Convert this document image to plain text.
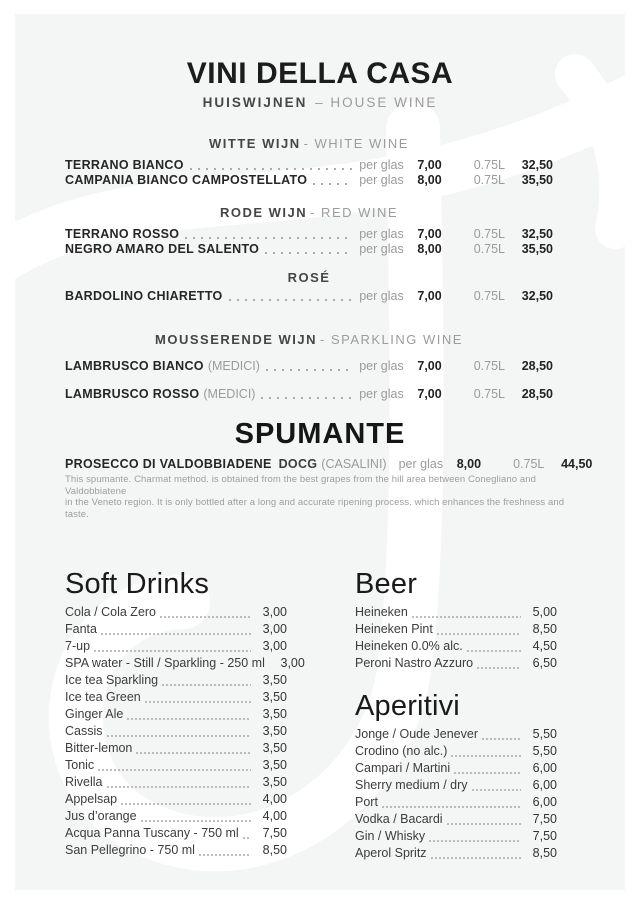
VINI DELLA CASA
HUISWIJNEN – HOUSE WINE
WITTE WIJN - WHITE WINE
TERRANO BIANCO	per glas	7,00	0.75L	32,50
CAMPANIA BIANCO CAMPOSTELLATO	per glas	8,00	0.75L	35,50
RODE WIJN - RED WINE
TERRANO ROSSO	per glas	7,00	0.75L	32,50
NEGRO AMARO DEL SALENTO	per glas	8,00	0.75L	35,50
ROSÉ
BARDOLINO CHIARETTO	per glas	7,00	0.75L	32,50
MOUSSERENDE WIJN - SPARKLING WINE
LAMBRUSCO BIANCO (MEDICI)	per glas	7,00	0.75L	28,50
LAMBRUSCO ROSSO (MEDICI)	per glas	7,00	0.75L	28,50
SPUMANTE
PROSECCO DI VALDOBBIADENE DOCG (CASALINI) per glas	8,00	0.75L	44,50
This spumante. Charmat method. is obtained from the best grapes from the hill area between Conegliano and Valdobbiatene
in the Veneto region. It is only bottled after a long and accurate ripening process. which enhances the freshness and taste.
Soft Drinks
Cola / Cola Zero	3,00
Fanta	3,00
7-up	3,00
SPA water - Still / Sparkling - 250 ml	3,00
Ice tea Sparkling	3,50
Ice tea Green	3,50
Ginger Ale	3,50
Cassis	3,50
Bitter-lemon	3,50
Tonic	3,50
Rivella	3,50
Appelsap	4,00
Jus d’orange	4,00
Acqua Panna Tuscany - 750 ml	7,50
San Pellegrino - 750 ml	8,50
Beer
Heineken	5,00
Heineken Pint	8,50
Heineken 0.0% alc.	4,50
Peroni Nastro Azzuro	6,50
Aperitivi
Jonge / Oude Jenever	5,50
Crodino (no alc.)	5,50
Campari / Martini	6,00
Sherry medium / dry	6,00
Port	6,00
Vodka / Bacardi	7,50
Gin / Whisky	7,50
Aperol Spritz	8,50
